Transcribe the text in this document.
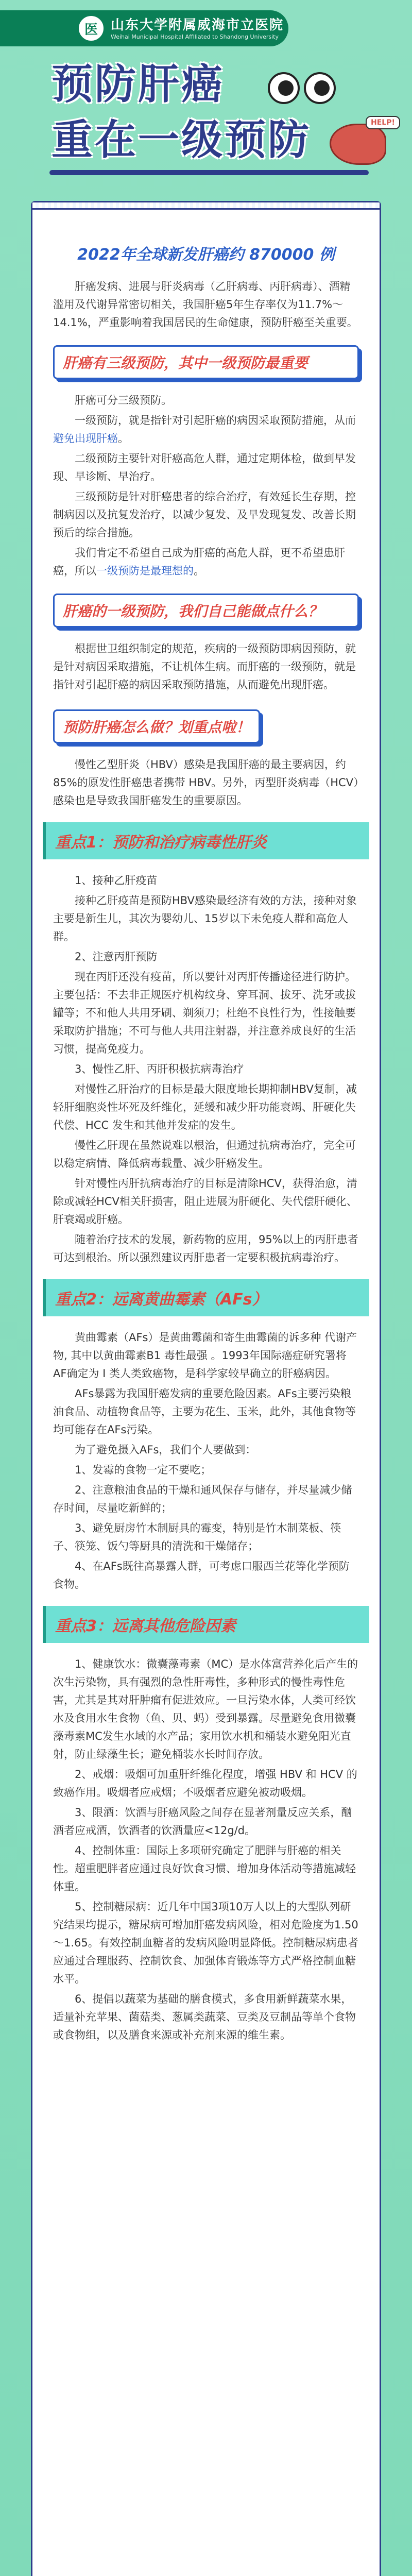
医 山东大学附属威海市立医院
Weihai Municipal Hospital Affiliated to Shandong University
预防肝癌
重在一级预防	HELP!
2022年全球新发肝癌约 870000 例

肝癌发病、进展与肝炎病毒（乙肝病毒、丙肝病毒）、酒精滥用及代谢异常密切相关，我国肝癌5年生存率仅为11.7%～14.1%，严重影响着我国居民的生命健康，预防肝癌至关重要。

肝癌有三级预防，其中一级预防最重要

肝癌可分三级预防。

一级预防，就是指针对引起肝癌的病因采取预防措施，从而避免出现肝癌。

二级预防主要针对肝癌高危人群，通过定期体检，做到早发现、早诊断、早治疗。

三级预防是针对肝癌患者的综合治疗，有效延长生存期，控制病因以及抗复发治疗，以减少复发、及早发现复发、改善长期预后的综合措施。

我们肯定不希望自己成为肝癌的高危人群，更不希望患肝癌，所以一级预防是最理想的。

肝癌的一级预防，我们自己能做点什么？

根据世卫组织制定的规范，疾病的一级预防即病因预防，就是针对病因采取措施，不让机体生病。而肝癌的一级预防，就是指针对引起肝癌的病因采取预防措施，从而避免出现肝癌。

预防肝癌怎么做？划重点啦！

慢性乙型肝炎（HBV）感染是我国肝癌的最主要病因，约85%的原发性肝癌患者携带 HBV。另外，丙型肝炎病毒（HCV）感染也是导致我国肝癌发生的重要原因。

重点1：预防和治疗病毒性肝炎

1、接种乙肝疫苗

接种乙肝疫苗是预防HBV感染最经济有效的方法，接种对象主要是新生儿，其次为婴幼儿、15岁以下未免疫人群和高危人群。

2、注意丙肝预防

现在丙肝还没有疫苗，所以要针对丙肝传播途径进行防护。主要包括：不去非正规医疗机构纹身、穿耳洞、拔牙、洗牙或拔罐等；不和他人共用牙刷、剃须刀；杜绝不良性行为，性接触要采取防护措施；不可与他人共用注射器，并注意养成良好的生活习惯，提高免疫力。

3、慢性乙肝、丙肝积极抗病毒治疗

对慢性乙肝治疗的目标是最大限度地长期抑制HBV复制，减轻肝细胞炎性坏死及纤维化，延缓和减少肝功能衰竭、肝硬化失代偿、HCC 发生和其他并发症的发生。

慢性乙肝现在虽然说难以根治，但通过抗病毒治疗，完全可以稳定病情、降低病毒载量、减少肝癌发生。

针对慢性丙肝抗病毒治疗的目标是清除HCV，获得治愈，清除或减轻HCV相关肝损害，阻止进展为肝硬化、失代偿肝硬化、肝衰竭或肝癌。

随着治疗技术的发展，新药物的应用，95%以上的丙肝患者可达到根治。所以强烈建议丙肝患者一定要积极抗病毒治疗。

重点2：远离黄曲霉素（AFs）

黄曲霉素（AFs）是黄曲霉菌和寄生曲霉菌的诉多种 代谢产物, 其中以黄曲霉素B1 毒性最强 。1993年国际癌症研究署将AF确定为 I 类人类致癌物，是科学家较早确立的肝癌病因。

AFs暴露为我国肝癌发病的重要危险因素。AFs主要污染粮油食品、动植物食品等，主要为花生、玉米，此外，其他食物等均可能存在AFs污染。

为了避免摄入AFs，我们个人要做到：

1、发霉的食物一定不要吃；

2、注意粮油食品的干燥和通风保存与储存，并尽量减少储存时间，尽量吃新鲜的；

3、避免厨房竹木制厨具的霉变，特别是竹木制菜板、筷子、筷笼、饭勺等厨具的清洗和干燥储存；

4、在AFs既往高暴露人群，可考虑口服西兰花等化学预防食物。

重点3：远离其他危险因素

1、健康饮水：微囊藻毒素（MC）是水体富营养化后产生的次生污染物，具有强烈的急性肝毒性，多种形式的慢性毒性危害，尤其是其对肝肿瘤有促进效应。一旦污染水体，人类可经饮水及食用水生食物（鱼、贝、蚂）受到暴露。尽量避免食用微囊藻毒素MC发生水域的水产品；家用饮水机和桶装水避免阳光直射，防止绿藻生长；避免桶装水长时间存放。

2、戒烟：吸烟可加重肝纤维化程度，增强 HBV 和 HCV 的致癌作用。吸烟者应戒烟；不吸烟者应避免被动吸烟。

3、限酒：饮酒与肝癌风险之间存在显著剂量反应关系，酗酒者应戒酒，饮酒者的饮酒量应<12g/d。

4、控制体重：国际上多项研究确定了肥胖与肝癌的相关性。超重肥胖者应通过良好饮食习惯、增加身体活动等措施减轻体重。

5、控制糖尿病：近几年中国3项10万人以上的大型队列研究结果均提示，糖尿病可增加肝癌发病风险，相对危险度为1.50～1.65。有效控制血糖者的发病风险明显降低。控制糖尿病患者应通过合理服药、控制饮食、加强体育锻炼等方式严格控制血糖水平。

6、提倡以蔬菜为基础的膳食模式，多食用新鲜蔬菜水果，适量补充苹果、菌菇类、葱属类蔬菜、豆类及豆制品等单个食物或食物组，以及膳食来源或补充剂来源的维生素。
